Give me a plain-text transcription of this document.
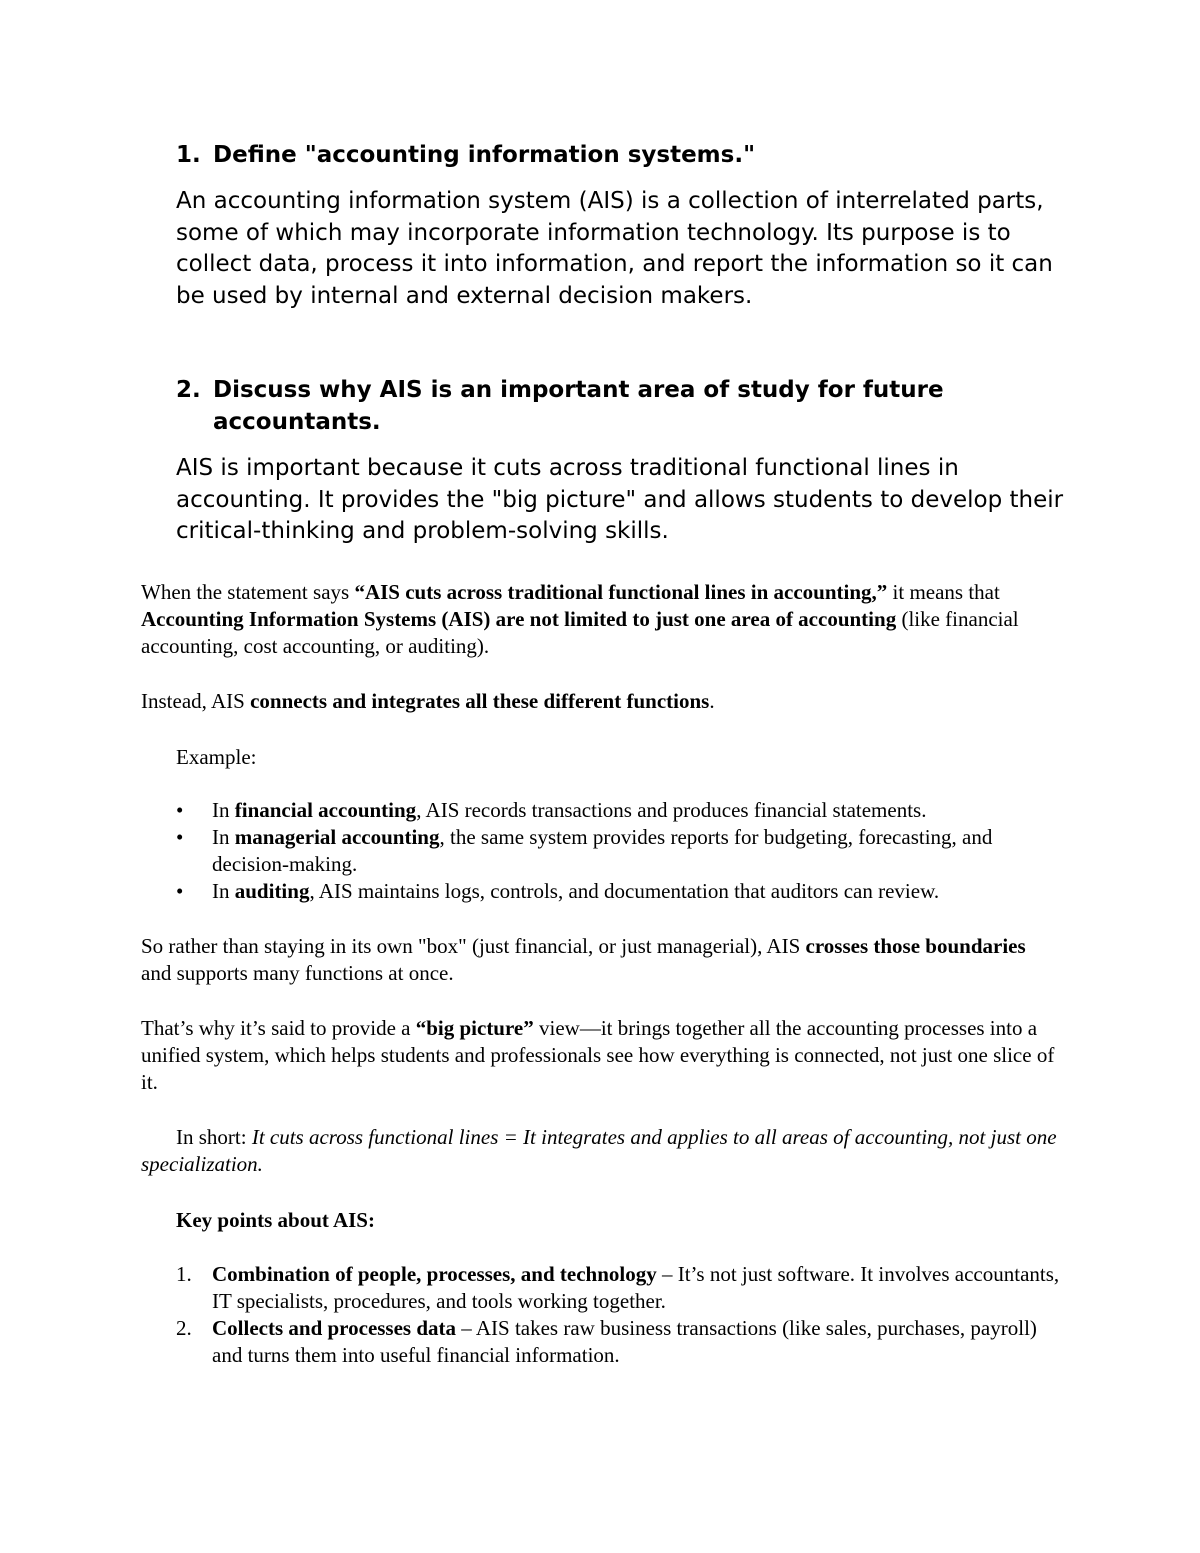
1. Define "accounting information systems."

An accounting information system (AIS) is a collection of interrelated parts, some of which may incorporate information technology. Its purpose is to collect data, process it into information, and report the information so it can be used by internal and external decision makers.

2. Discuss why AIS is an important area of study for future accountants.

AIS is important because it cuts across traditional functional lines in accounting. It provides the "big picture" and allows students to develop their critical-thinking and problem-solving skills.

When the statement says “AIS cuts across traditional functional lines in accounting,” it means that Accounting Information Systems (AIS) are not limited to just one area of accounting (like financial accounting, cost accounting, or auditing).

Instead, AIS connects and integrates all these different functions.

Example:

•	In financial accounting, AIS records transactions and produces financial statements.
•	In managerial accounting, the same system provides reports for budgeting, forecasting, and decision-making.
•	In auditing, AIS maintains logs, controls, and documentation that auditors can review.

So rather than staying in its own "box" (just financial, or just managerial), AIS crosses those boundaries and supports many functions at once.

That’s why it’s said to provide a “big picture” view—it brings together all the accounting processes into a unified system, which helps students and professionals see how everything is connected, not just one slice of it.

In short: It cuts across functional lines = It integrates and applies to all areas of accounting, not just one specialization.

Key points about AIS:

1. Combination of people, processes, and technology – It’s not just software. It involves accountants, IT specialists, procedures, and tools working together.
2. Collects and processes data – AIS takes raw business transactions (like sales, purchases, payroll) and turns them into useful financial information.
